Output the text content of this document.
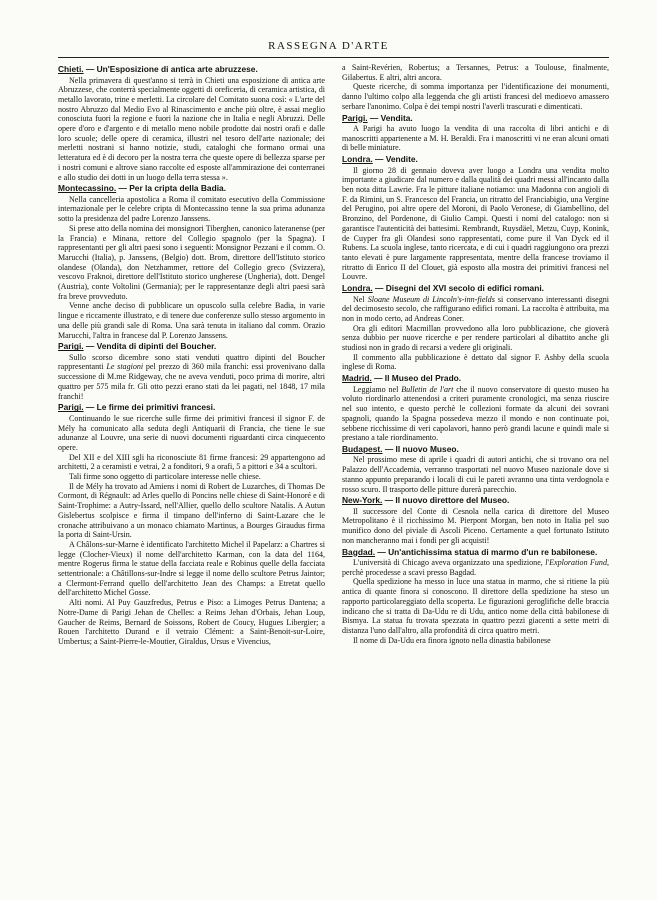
RASSEGNA D'ARTE
Chieti. — Un'Esposizione di antica arte abruzzese.

Nella primavera di quest'anno si terrà in Chieti una esposizione di antica arte Abruzzese, che conterrà specialmente oggetti di oreficeria, di ceramica artistica, di metallo lavorato, trine e merletti. La circolare del Comitato suona così: « L'arte del nostro Abruzzo dal Medio Evo al Rinascimento e anche più oltre, è assai meglio conosciuta fuori la regione e fuori la nazione che in Italia e negli Abruzzi. Delle opere d'oro e d'argento e di metallo meno nobile prodotte dai nostri orafi e dalle loro scuole; delle opere di ceramica, illustri nel tesoro dell'arte nazionale; dei merletti nostrani si hanno notizie, studi, cataloghi che formano ormai una letteratura ed è di decoro per la nostra terra che queste opere di bellezza sparse per i nostri comuni e altrove siano raccolte ed esposte all'ammirazione dei conterranei e allo studio dei dotti in un luogo della terra stessa ».

Montecassino. — Per la cripta della Badia.

Nella cancelleria apostolica a Roma il comitato esecutivo della Commissione internazionale per le celebre cripta di Montecassino tenne la sua prima adunanza sotto la presidenza del padre Lorenzo Janssens.

Si prese atto della nomina dei monsignori Tiberghen, canonico lateranense (per la Francia) e Minana, rettore del Collegio spagnolo (per la Spagna). I rappresentanti per gli altri paesi sono i seguenti: Monsignor Pezzani e il comm. O. Marucchi (Italia), p. Janssens, (Belgio) dott. Brom, direttore dell'Istituto storico olandese (Olanda), don Netzhammer, rettore del Collegio greco (Svizzera), vescovo Fraknoi, direttore dell'Istituto storico ungherese (Ungheria), dott. Dengel (Austria), conte Voltolini (Germania); per le rappresentanze degli altri paesi sarà fra breve provveduto.

Venne anche deciso di pubblicare un opuscolo sulla celebre Badia, in varie lingue e riccamente illustrato, e di tenere due conferenze sullo stesso argomento in una delle più grandi sale di Roma. Una sarà tenuta in italiano dal comm. Orazio Marucchi, l'altra in francese dal P. Lorenzo Janssens.

Parigi. — Vendita di dipinti del Boucher.

Sullo scorso dicembre sono stati venduti quattro dipinti del Boucher rappresentanti Le stagioni pel prezzo di 360 mila franchi: essi provenivano dalla successione di M.me Ridgeway, che ne aveva venduti, poco prima di morire, altri quattro per 575 mila fr. Gli otto pezzi erano stati da lei pagati, nel 1848, 17 mila franchi!

Parigi. — Le firme dei primitivi francesi.

Continuando le sue ricerche sulle firme dei primitivi francesi il signor F. de Mély ha comunicato alla seduta degli Antiquarii di Francia, che tiene le sue adunanze al Louvre, una serie di nuovi documenti riguardanti circa cinquecento opere.

Del XII e del XIII sgli ha riconosciute 81 firme francesi: 29 appartengono ad architetti, 2 a ceramisti e vetrai, 2 a fonditori, 9 a orafi, 5 a pittori e 34 a scultori.

Tali firme sono oggetto di particolare interesse nelle chiese.

Il de Mély ha trovato ad Amiens i nomi di Robert de Luzarches, di Thomas De Cormont, di Régnault: ad Arles quello di Poncins nelle chiese di Saint-Honoré e di Saint-Trophime: a Autry-Issard, nell'Allier, quello dello scultore Natalis. A Autun Gislebertus scolpisce e firma il timpano dell'inferno di Saint-Lazare che le cronache attribuivano a un monaco chiamato Martinus, a Bourges Giraudus firma la porta di Saint-Ursin.

A Châlons-sur-Marne è identificato l'architetto Michel il Papelarz: a Chartres si legge (Clocher-Vieux) il nome dell'architetto Karman, con la data del 1164, mentre Rogerus firma le statue della facciata reale e Robinus quelle della facciata settentrionale: a Châtillons-sur-Indre si legge il nome dello scultore Petrus Jaintor; a Clermont-Ferrand quello dell'architetto Jean des Champs: a Etretat quello dell'architetto Michel Gosse.

Alti nomi. Al Puy Gauzfredus, Petrus e Piso: a Limoges Petrus Dantena; a Notre-Dame di Parigi Jehan de Chelles: a Reims Jehan d'Orbais, Jehan Loup, Gaucher de Reims, Bernard de Soissons, Robert de Coucy, Hugues Libergier; a Rouen l'architetto Durand e il vetraio Clément: a Saint-Benoit-sur-Loire, Umbertus; a Saint-Pierre-le-Moutier, Giraldus, Ursus e Vivencius,

a Saint-Revérien, Robertus; a Tersannes, Petrus: a Toulouse, finalmente, Gilabertus. E altri, altri ancora.

Queste ricerche, di somma importanza per l'identificazione dei monumenti, danno l'ultimo colpo alla leggenda che gli artisti francesi del medioevo amassero serbare l'anonimo. Colpa è dei tempi nostri l'averli trascurati e dimenticati.

Parigi. — Vendita.

A Parigi ha avuto luogo la vendita di una raccolta di libri antichi e di manoscritti appartenente a M. H. Beraldi. Fra i manoscritti vi ne eran alcuni ornati di belle miniature.

Londra. — Vendite.

Il giorno 28 di gennaio doveva aver luogo a Londra una vendita molto importante a giudicare dal numero e dalla qualità dei quadri messi all'incanto dalla ben nota ditta Lawrie. Fra le pitture italiane notiamo: una Madonna con angioli di F. da Rimini, un S. Francesco del Francia, un ritratto del Franciabigio, una Vergine del Perugino, poi altre opere del Moroni, di Paolo Veronese, di Giambellino, del Bronzino, del Pordenone, di Giulio Campi. Questi i nomi del catalogo: non si garantisce l'autenticità dei battesimi. Rembrandt, Ruysdäel, Metzu, Cuyp, Konink, de Cuyper fra gli Olandesi sono rappresentati, come pure il Van Dyck ed il Rubens. La scuola inglese, tanto ricercata, e di cui i quadri raggiungono ora prezzi tanto elevati è pure largamente rappresentata, mentre della francese troviamo il ritratto di Enrico II del Clouet, già esposto alla mostra dei primitivi francesi nel Louvre.

Londra. — Disegni del XVI secolo di edifici romani.

Nel Sloane Museum di Lincoln's-inn-fields si conservano interessanti disegni del decimosesto secolo, che raffigurano edifici romani. La raccolta è attribuita, ma non in modo certo, ad Andreas Coner.

Ora gli editori Macmillan provvedono alla loro pubblicazione, che gioverà senza dubbio per nuove ricerche e per rendere particolari al dibattito anche gli studiosi non in grado di recarsi a vedere gli originali.

Il commento alla pubblicazione è dettato dal signor F. Ashby della scuola inglese di Roma.

Madrid. — Il Museo del Prado.

Leggiamo nel Bulletin de l'art che il nuovo conservatore di questo museo ha voluto riordinarlo attenendosi a criteri puramente cronologici, ma senza riuscire nel suo intento, e questo perchè le collezioni formate da alcuni dei sovrani spagnoli, quando la Spagna possedeva mezzo il mondo e non continuate poi, sebbene ricchissime di veri capolavori, hanno però grandi lacune e quindi male si prestano a tale riordinamento.

Budapest. — Il nuovo Museo.

Nel prossimo mese di aprile i quadri di autori antichi, che si trovano ora nel Palazzo dell'Accademia, verranno trasportati nel nuovo Museo nazionale dove si stanno appunto preparando i locali di cui le pareti avranno una tinta verdognola e rosso scuro. Il trasporto delle pitture durerà parecchio.

New-York. — Il nuovo direttore del Museo.

Il successore del Conte di Cesnola nella carica di direttore del Museo Metropolitano è il ricchissimo M. Pierpont Morgan, ben noto in Italia pel suo munifico dono del piviale di Ascoli Piceno. Certamente a quel fortunato Istituto non mancheranno mai i fondi per gli acquisti!

Bagdad. — Un'antichissima statua di marmo d'un re babilonese.

L'università di Chicago aveva organizzato una spedizione, l'Exploration Fund, perchè procedesse a scavi presso Bagdad.

Quella spedizione ha messo in luce una statua in marmo, che si ritiene la più antica di quante finora si conoscono. Il direttore della spedizione ha steso un rapporto particolareggiato della scoperta. Le figurazioni geroglifiche delle braccia indicano che si tratta di Da-Udu re di Udu, antico nome della città babilonese di Bismya. La statua fu trovata spezzata in quattro pezzi giacenti a sette metri di distanza l'uno dall'altro, alla profondità di circa quattro metri.

Il nome di Da-Udu era finora ignoto nella dinastia babilonese
